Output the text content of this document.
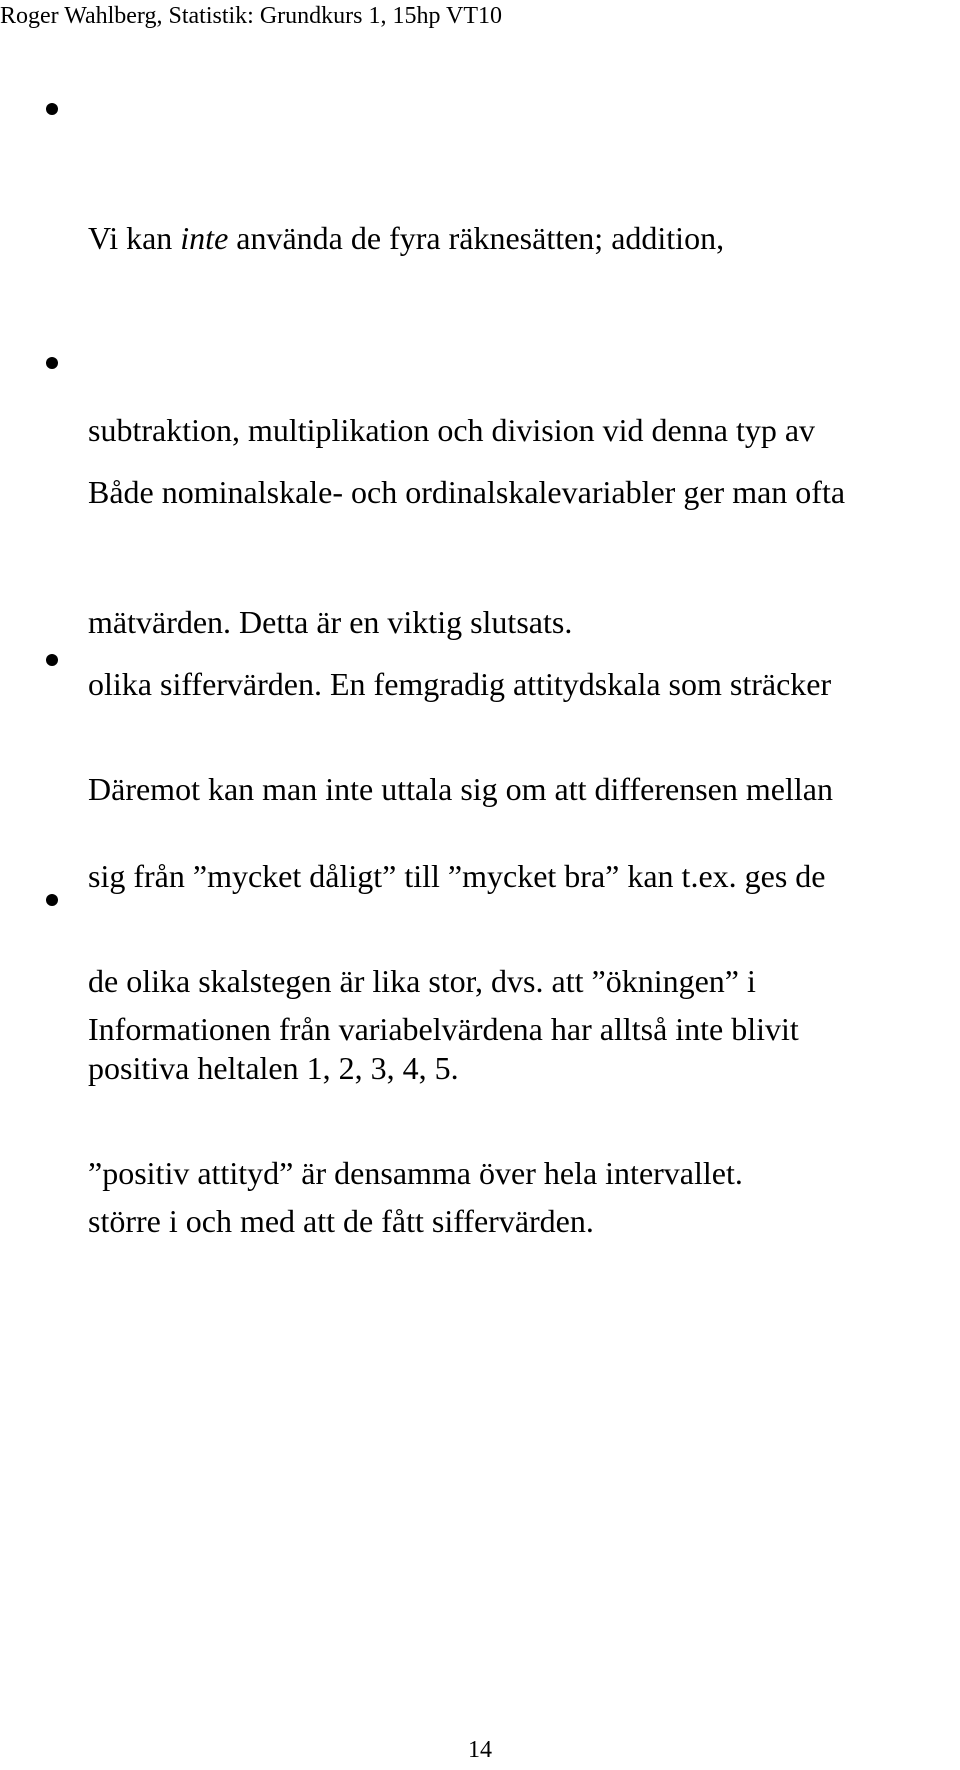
Roger Wahlberg, Statistik: Grundkurs 1, 15hp VT10

Vi kan inte använda de fyra räknesätten; addition,

subtraktion, multiplikation och division vid denna typ av

mätvärden. Detta är en viktig slutsats.

Både nominalskale- och ordinalskalevariabler ger man ofta

olika siffervärden. En femgradig attitydskala som sträcker

sig från ”mycket dåligt” till ”mycket bra” kan t.ex. ges de

positiva heltalen 1, 2, 3, 4, 5.

Däremot kan man inte uttala sig om att differensen mellan

de olika skalstegen är lika stor, dvs. att ”ökningen” i

”positiv attityd” är densamma över hela intervallet.

Informationen från variabelvärdena har alltså inte blivit

större i och med att de fått siffervärden.

14
